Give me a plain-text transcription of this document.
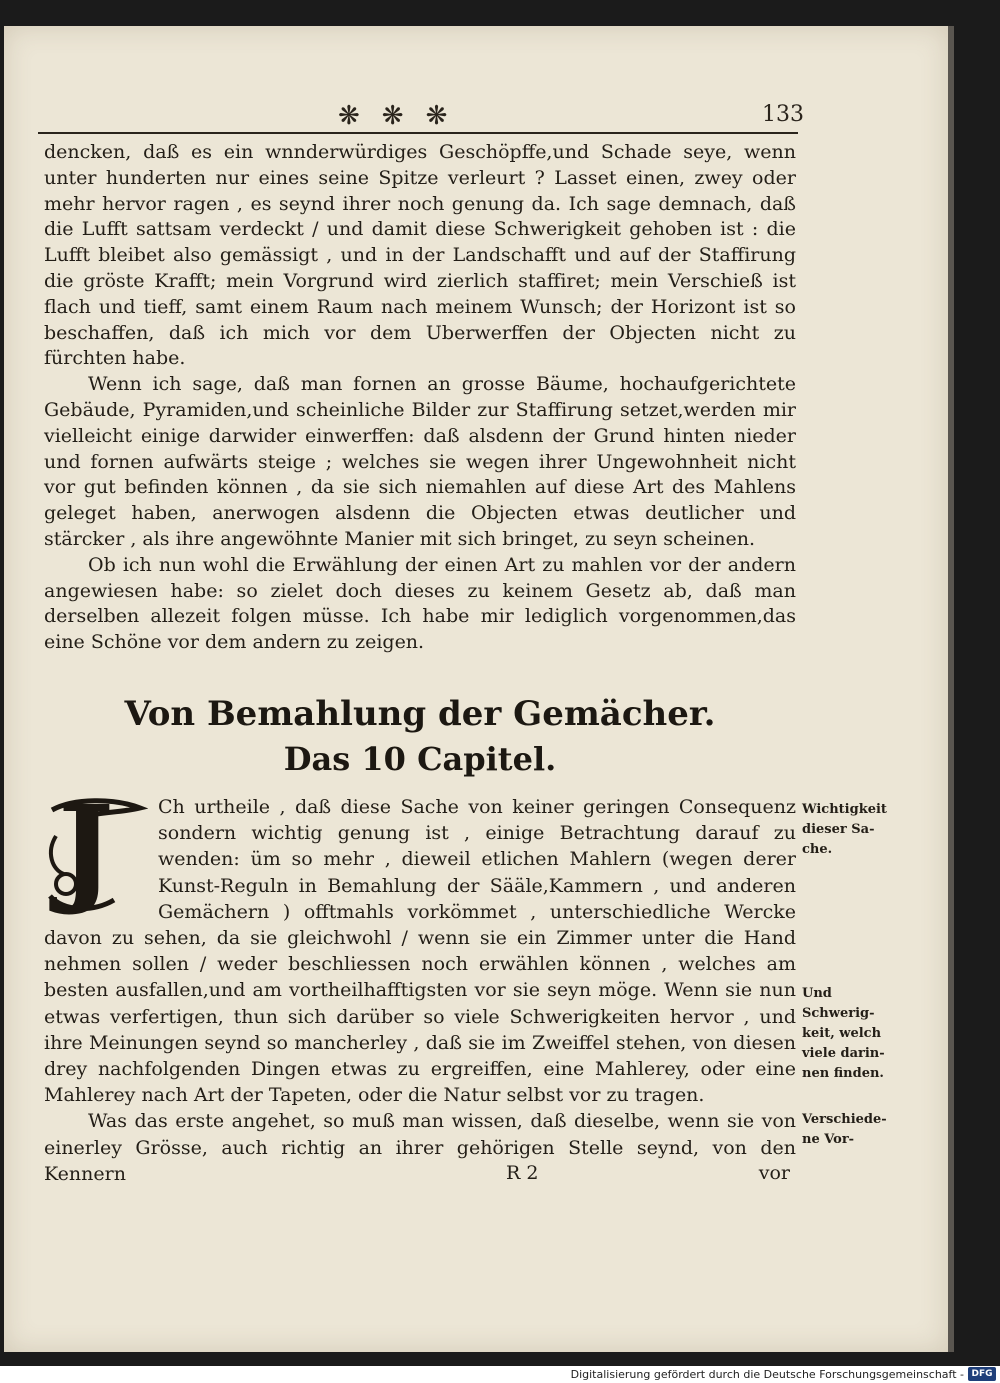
❋ ❋ ❋	133

dencken, daß es ein wnnderwürdiges Geschöpffe,und Schade seye, wenn unter hunderten nur eines seine Spitze verleurt ? Lasset einen, zwey oder mehr hervor ragen , es seynd ihrer noch genung da. Ich sage demnach, daß die Lufft sattsam verdeckt / und damit diese Schwerigkeit gehoben ist : die Lufft bleibet also gemässigt , und in der Landschafft und auf der Staffirung die gröste Krafft; mein Vorgrund wird zierlich staffiret; mein Verschieß ist flach und tieff, samt einem Raum nach meinem Wunsch; der Horizont ist so beschaffen, daß ich mich vor dem Uberwerffen der Objecten nicht zu fürchten habe.

Wenn ich sage, daß man fornen an grosse Bäume, hochaufgerichtete Gebäude, Pyramiden,und scheinliche Bilder zur Staffirung setzet,werden mir vielleicht einige darwider einwerffen: daß alsdenn der Grund hinten nieder und fornen aufwärts steige ; welches sie wegen ihrer Ungewohnheit nicht vor gut befinden können , da sie sich niemahlen auf diese Art des Mahlens geleget haben, anerwogen alsdenn die Objecten etwas deutlicher und stärcker , als ihre angewöhnte Manier mit sich bringet, zu seyn scheinen.

Ob ich nun wohl die Erwählung der einen Art zu mahlen vor der andern angewiesen habe: so zielet doch dieses zu keinem Gesetz ab, daß man derselben allezeit folgen müsse. Ich habe mir lediglich vorgenommen,das eine Schöne vor dem andern zu zeigen.

Von Bemahlung der Gemächer.
Das 10 Capitel.
J	Ch urtheile , daß diese Sache von keiner geringen Consequenz sondern wichtig genung ist , einige Betrachtung darauf zu wenden: üm so mehr , dieweil etlichen Mahlern (wegen derer Kunst-Reguln in Bemahlung der Sääle,Kammern , und anderen Gemächern ) offtmahls vorkömmet , unterschiedliche Wercke davon zu sehen, da sie gleichwohl / wenn sie ein Zimmer unter die Hand nehmen sollen / weder beschliessen noch erwählen können , welches am besten ausfallen,und am vortheilhafftigsten vor sie seyn möge. Wenn sie nun etwas verfertigen, thun sich darüber so viele Schwerigkeiten hervor , und ihre Meinungen seynd so mancherley , daß sie im Zweiffel stehen, von diesen drey nachfolgenden Dingen etwas zu ergreiffen, eine Mahlerey, oder eine Mahlerey nach Art der Tapeten, oder die Natur selbst vor zu tragen.

Was das erste angehet, so muß man wissen, daß dieselbe, wenn sie von einerley Grösse, auch richtig an ihrer gehörigen Stelle seynd, von den Kennern	R 2	vor
Wichtigkeit
dieser Sa-
che.
Und
Schwerig-
keit, welch
viele darin-
nen finden.
Verschiede-
ne Vor-
Digitalisierung gefördert durch die Deutsche Forschungsgemeinschaft - DFG
